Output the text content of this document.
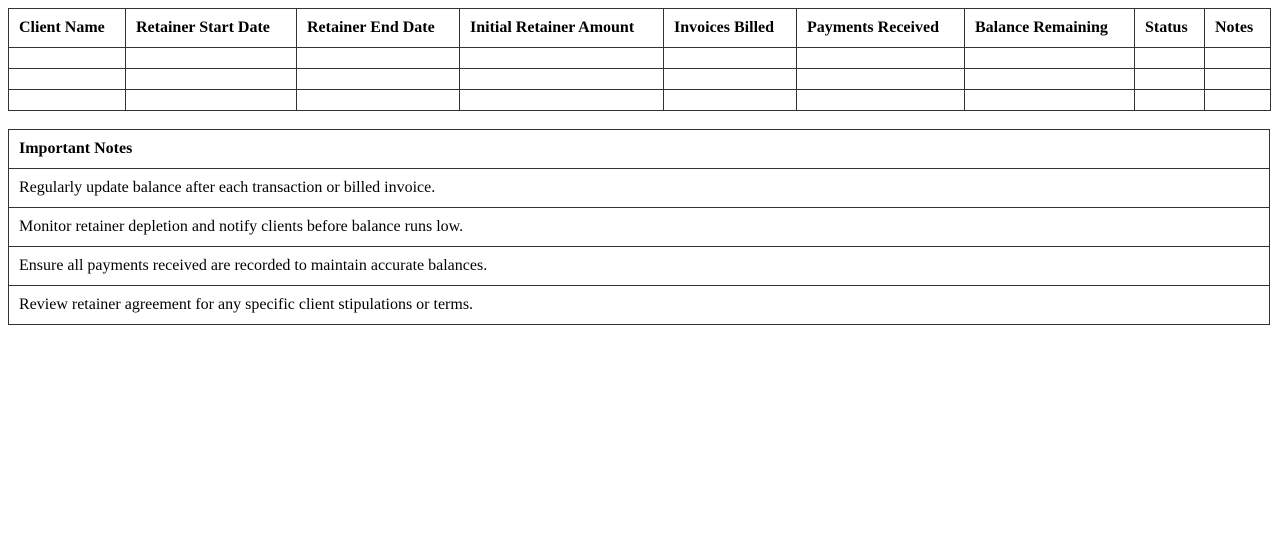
Client Name	Retainer Start Date	Retainer End Date	Initial Retainer Amount	Invoices Billed	Payments Received	Balance Remaining	Status	Notes

Important Notes
Regularly update balance after each transaction or billed invoice.
Monitor retainer depletion and notify clients before balance runs low.
Ensure all payments received are recorded to maintain accurate balances.
Review retainer agreement for any specific client stipulations or terms.
